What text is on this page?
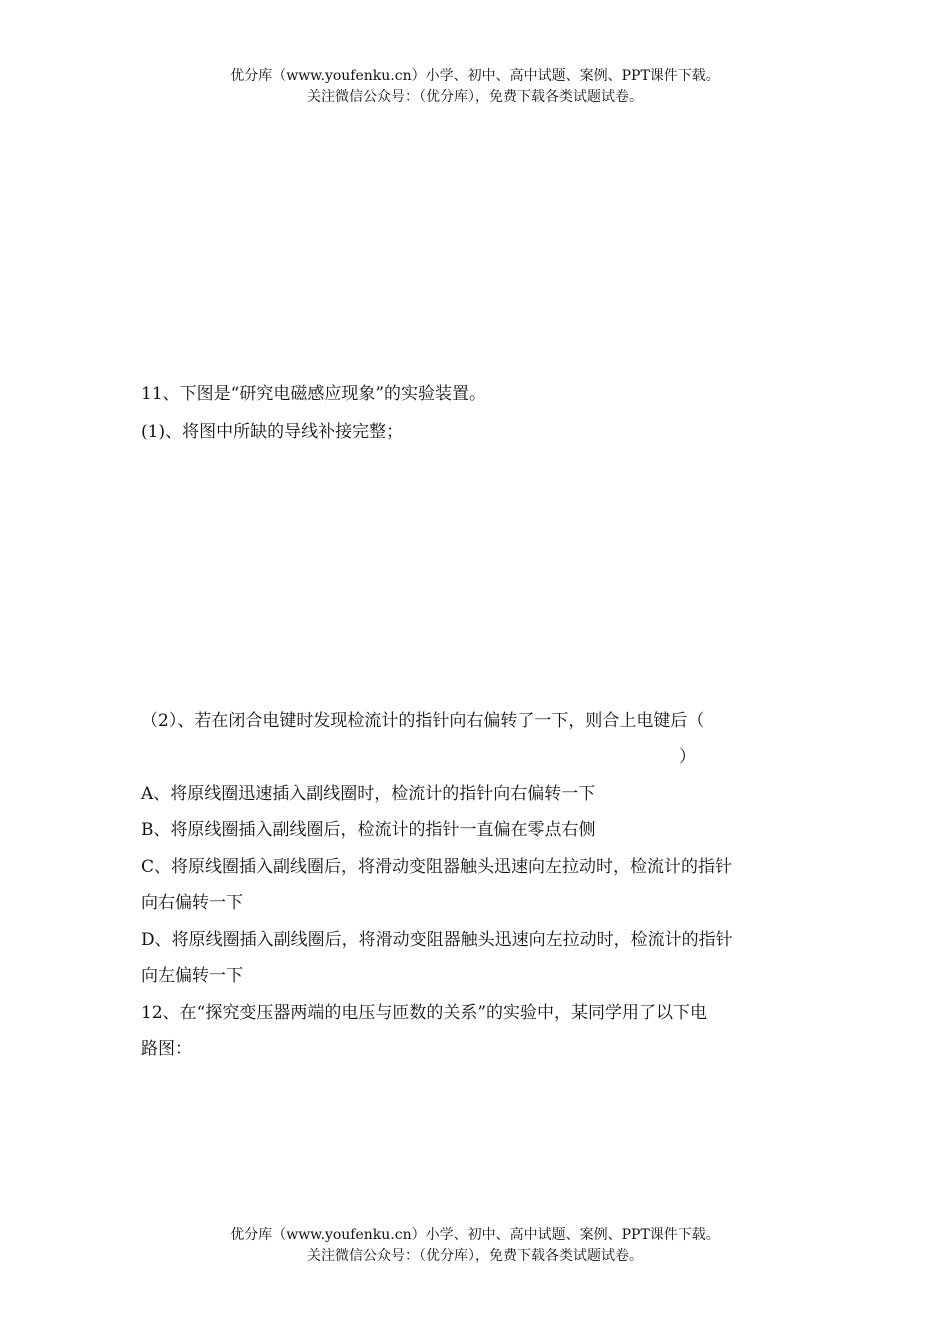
优分库（www.youfenku.cn）小学、初中、高中试题、案例、PPT课件下载。
关注微信公众号：（优分库），免费下载各类试题试卷。
11、下图是“研究电磁感应现象”的实验装置。
(1)、将图中所缺的导线补接完整；
（2）、若在闭合电键时发现检流计的指针向右偏转了一下，则合上电键后（
）
A、将原线圈迅速插入副线圈时，检流计的指针向右偏转一下
B、将原线圈插入副线圈后，检流计的指针一直偏在零点右侧
C、将原线圈插入副线圈后，将滑动变阻器触头迅速向左拉动时，检流计的指针
向右偏转一下
D、将原线圈插入副线圈后，将滑动变阻器触头迅速向左拉动时，检流计的指针
向左偏转一下
12、在“探究变压器两端的电压与匝数的关系”的实验中，某同学用了以下电
路图：
优分库（www.youfenku.cn）小学、初中、高中试题、案例、PPT课件下载。
关注微信公众号：（优分库），免费下载各类试题试卷。
